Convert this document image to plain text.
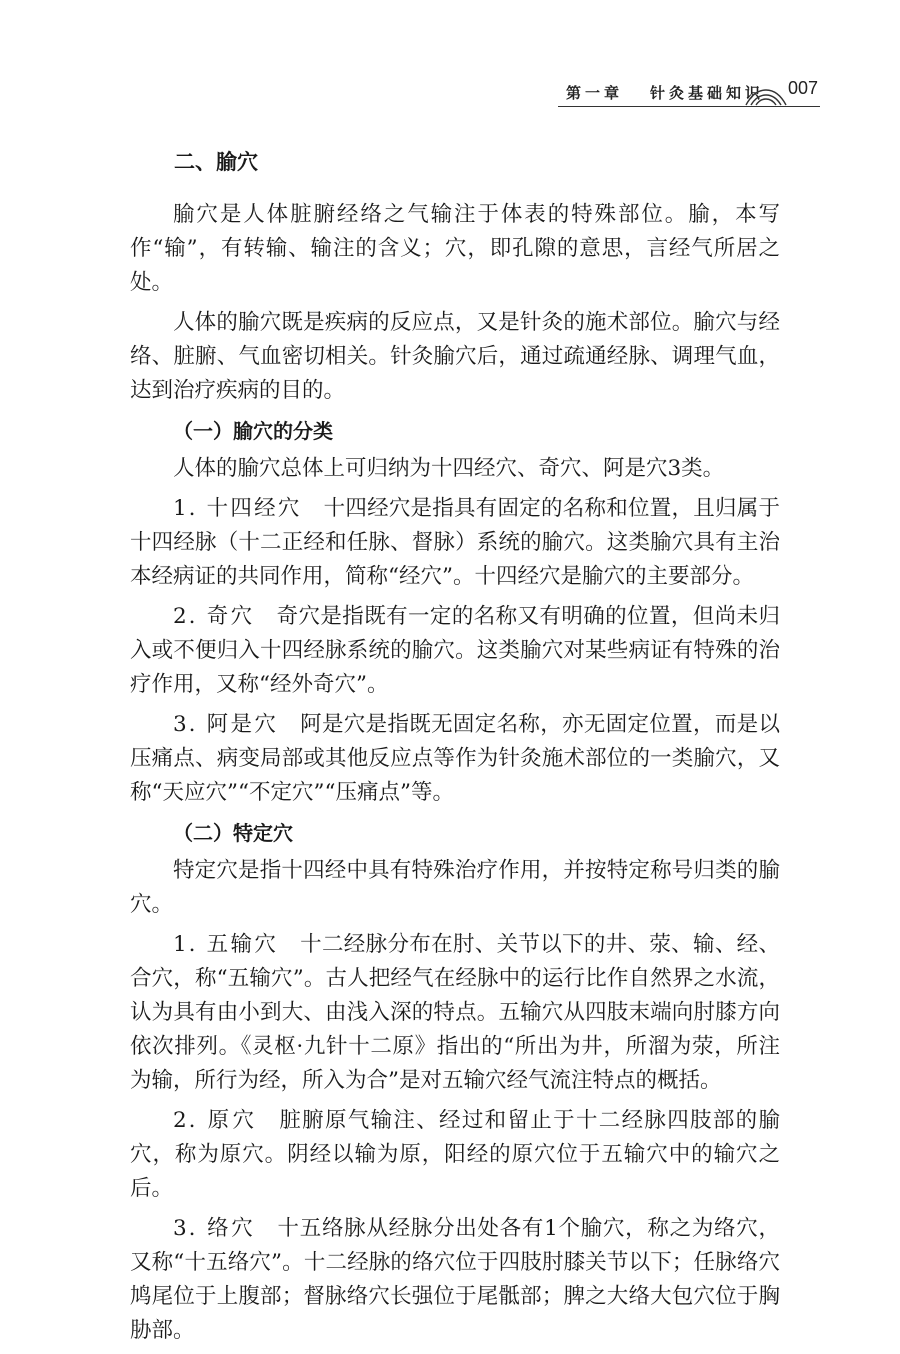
第一章 针灸基础知识 007
二、腧穴

腧穴是人体脏腑经络之气输注于体表的特殊部位。腧，本写作“输”，有转输、输注的含义；穴，即孔隙的意思，言经气所居之处。

人体的腧穴既是疾病的反应点，又是针灸的施术部位。腧穴与经络、脏腑、气血密切相关。针灸腧穴后，通过疏通经脉、调理气血，达到治疗疾病的目的。

（一）腧穴的分类

人体的腧穴总体上可归纳为十四经穴、奇穴、阿是穴3类。

1. 十四经穴 十四经穴是指具有固定的名称和位置，且归属于十四经脉（十二正经和任脉、督脉）系统的腧穴。这类腧穴具有主治本经病证的共同作用，简称“经穴”。十四经穴是腧穴的主要部分。

2. 奇穴 奇穴是指既有一定的名称又有明确的位置，但尚未归入或不便归入十四经脉系统的腧穴。这类腧穴对某些病证有特殊的治疗作用，又称“经外奇穴”。

3. 阿是穴 阿是穴是指既无固定名称，亦无固定位置，而是以压痛点、病变局部或其他反应点等作为针灸施术部位的一类腧穴，又称“天应穴”“不定穴”“压痛点”等。

（二）特定穴

特定穴是指十四经中具有特殊治疗作用，并按特定称号归类的腧穴。

1. 五输穴 十二经脉分布在肘、关节以下的井、荥、输、经、合穴，称“五输穴”。古人把经气在经脉中的运行比作自然界之水流，认为具有由小到大、由浅入深的特点。五输穴从四肢末端向肘膝方向依次排列。《灵枢·九针十二原》指出的“所出为井，所溜为荥，所注为输，所行为经，所入为合”是对五输穴经气流注特点的概括。

2. 原穴 脏腑原气输注、经过和留止于十二经脉四肢部的腧穴，称为原穴。阴经以输为原，阳经的原穴位于五输穴中的输穴之后。

3. 络穴 十五络脉从经脉分出处各有1个腧穴，称之为络穴，又称“十五络穴”。十二经脉的络穴位于四肢肘膝关节以下；任脉络穴鸠尾位于上腹部；督脉络穴长强位于尾骶部；脾之大络大包穴位于胸胁部。
